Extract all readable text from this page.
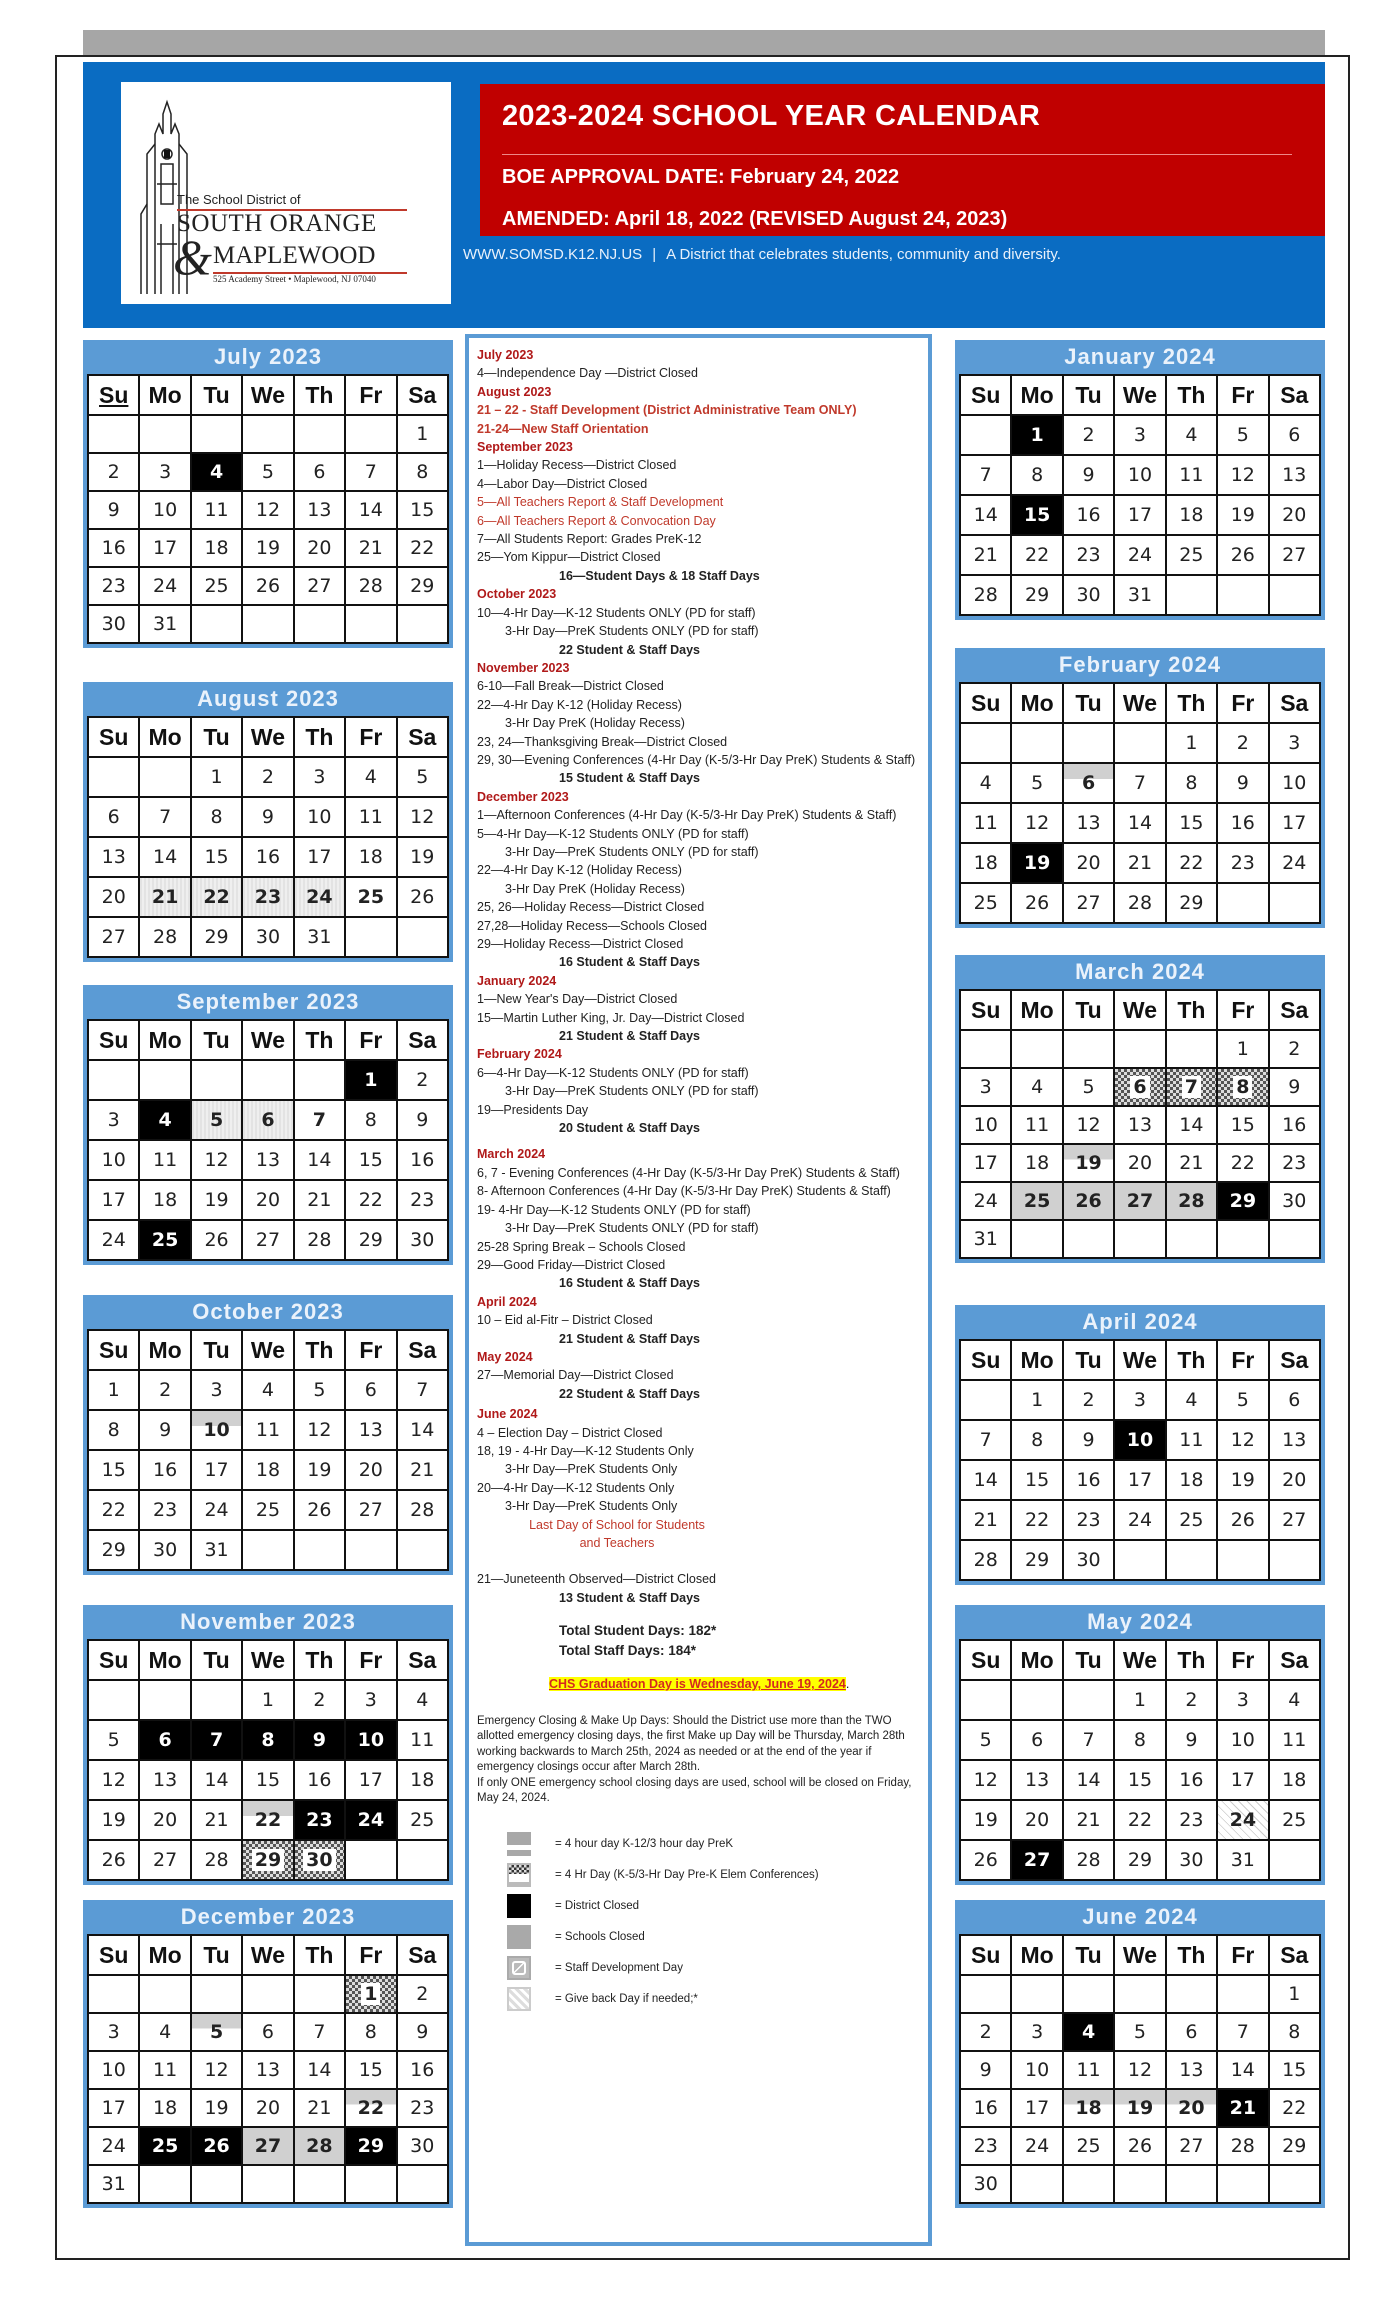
The School District of
SOUTH ORANGE
& MAPLEWOOD
525 Academy Street • Maplewood, NJ 07040
2023-2024 SCHOOL YEAR CALENDAR
BOE APPROVAL DATE: February 24, 2022
AMENDED: April 18, 2022 (REVISED August 24, 2023)
WWW.SOMSD.K12.NJ.US | A District that celebrates students, community and diversity.
July 2023
Su	Mo	Tu	We	Th	Fr	Sa
						1
2	3	4	5	6	7	8
9	10	11	12	13	14	15
16	17	18	19	20	21	22
23	24	25	26	27	28	29
30	31					
August 2023
Su	Mo	Tu	We	Th	Fr	Sa
		1	2	3	4	5
6	7	8	9	10	11	12
13	14	15	16	17	18	19
20	21	22	23	24	25	26
27	28	29	30	31		
September 2023
Su	Mo	Tu	We	Th	Fr	Sa
					1	2
3	4	5	6	7	8	9
10	11	12	13	14	15	16
17	18	19	20	21	22	23
24	25	26	27	28	29	30
October 2023
Su	Mo	Tu	We	Th	Fr	Sa
1	2	3	4	5	6	7
8	9	10	11	12	13	14
15	16	17	18	19	20	21
22	23	24	25	26	27	28
29	30	31				
November 2023
Su	Mo	Tu	We	Th	Fr	Sa
			1	2	3	4
5	6	7	8	9	10	11
12	13	14	15	16	17	18
19	20	21	22	23	24	25
26	27	28	29	30		
December 2023
Su	Mo	Tu	We	Th	Fr	Sa
					1	2
3	4	5	6	7	8	9
10	11	12	13	14	15	16
17	18	19	20	21	22	23
24	25	26	27	28	29	30
31						
January 2024
Su	Mo	Tu	We	Th	Fr	Sa
	1	2	3	4	5	6
7	8	9	10	11	12	13
14	15	16	17	18	19	20
21	22	23	24	25	26	27
28	29	30	31			
February 2024
Su	Mo	Tu	We	Th	Fr	Sa
				1	2	3
4	5	6	7	8	9	10
11	12	13	14	15	16	17
18	19	20	21	22	23	24
25	26	27	28	29		
March 2024
Su	Mo	Tu	We	Th	Fr	Sa
					1	2
3	4	5	6	7	8	9
10	11	12	13	14	15	16
17	18	19	20	21	22	23
24	25	26	27	28	29	30
31						
April 2024
Su	Mo	Tu	We	Th	Fr	Sa
	1	2	3	4	5	6
7	8	9	10	11	12	13
14	15	16	17	18	19	20
21	22	23	24	25	26	27
28	29	30				
May 2024
Su	Mo	Tu	We	Th	Fr	Sa
			1	2	3	4
5	6	7	8	9	10	11
12	13	14	15	16	17	18
19	20	21	22	23	24	25
26	27	28	29	30	31	
June 2024
Su	Mo	Tu	We	Th	Fr	Sa
						1
2	3	4	5	6	7	8
9	10	11	12	13	14	15
16	17	18	19	20	21	22
23	24	25	26	27	28	29
30						
July 2023
4—Independence Day —District Closed
August 2023
21 – 22 - Staff Development (District Administrative Team ONLY)
21-24—New Staff Orientation
September 2023
1—Holiday Recess—District Closed
4—Labor Day—District Closed
5—All Teachers Report & Staff Development
6—All Teachers Report & Convocation Day
7—All Students Report: Grades PreK-12
25—Yom Kippur—District Closed
16—Student Days & 18 Staff Days
October 2023
10—4-Hr Day—K-12 Students ONLY (PD for staff)
3-Hr Day—PreK Students ONLY (PD for staff)
22 Student & Staff Days
November 2023
6-10—Fall Break—District Closed
22—4-Hr Day K-12 (Holiday Recess)
3-Hr Day PreK (Holiday Recess)
23, 24—Thanksgiving Break—District Closed
29, 30—Evening Conferences (4-Hr Day (K-5/3-Hr Day PreK) Students & Staff)
15 Student & Staff Days
December 2023
1—Afternoon Conferences (4-Hr Day (K-5/3-Hr Day PreK) Students & Staff)
5—4-Hr Day—K-12 Students ONLY (PD for staff)
3-Hr Day—PreK Students ONLY (PD for staff)
22—4-Hr Day K-12 (Holiday Recess)
3-Hr Day PreK (Holiday Recess)
25, 26—Holiday Recess—District Closed
27,28—Holiday Recess—Schools Closed
29—Holiday Recess—District Closed
16 Student & Staff Days
January 2024
1—New Year's Day—District Closed
15—Martin Luther King, Jr. Day—District Closed
21 Student & Staff Days
February 2024
6—4-Hr Day—K-12 Students ONLY (PD for staff)
3-Hr Day—PreK Students ONLY (PD for staff)
19—Presidents Day
20 Student & Staff Days
March 2024
6, 7 - Evening Conferences (4-Hr Day (K-5/3-Hr Day PreK) Students & Staff)
8- Afternoon Conferences (4-Hr Day (K-5/3-Hr Day PreK) Students & Staff)
19- 4-Hr Day—K-12 Students ONLY (PD for staff)
3-Hr Day—PreK Students ONLY (PD for staff)
25-28 Spring Break – Schools Closed
29—Good Friday—District Closed
16 Student & Staff Days
April 2024
10 – Eid al-Fitr – District Closed
21 Student & Staff Days
May 2024
27—Memorial Day—District Closed
22 Student & Staff Days
June 2024
4 – Election Day – District Closed
18, 19 - 4-Hr Day—K-12 Students Only
3-Hr Day—PreK Students Only
20—4-Hr Day—K-12 Students Only
3-Hr Day—PreK Students Only
Last Day of School for Students and Teachers
21—Juneteenth Observed—District Closed
13 Student & Staff Days
Total Student Days: 182*
Total Staff Days: 184*
CHS Graduation Day is Wednesday, June 19, 2024.
Emergency Closing & Make Up Days: Should the District use more than the TWO allotted emergency closing days, the first Make up Day will be Thursday, March 28th working backwards to March 25th, 2024 as needed or at the end of the year if emergency closings occur after March 28th.
If only ONE emergency school closing days are used, school will be closed on Friday, May 24, 2024.
= 4 hour day K-12/3 hour day PreK
= 4 Hr Day (K-5/3-Hr Day Pre-K Elem Conferences)
= District Closed
= Schools Closed
= Staff Development Day
= Give back Day if needed;*
